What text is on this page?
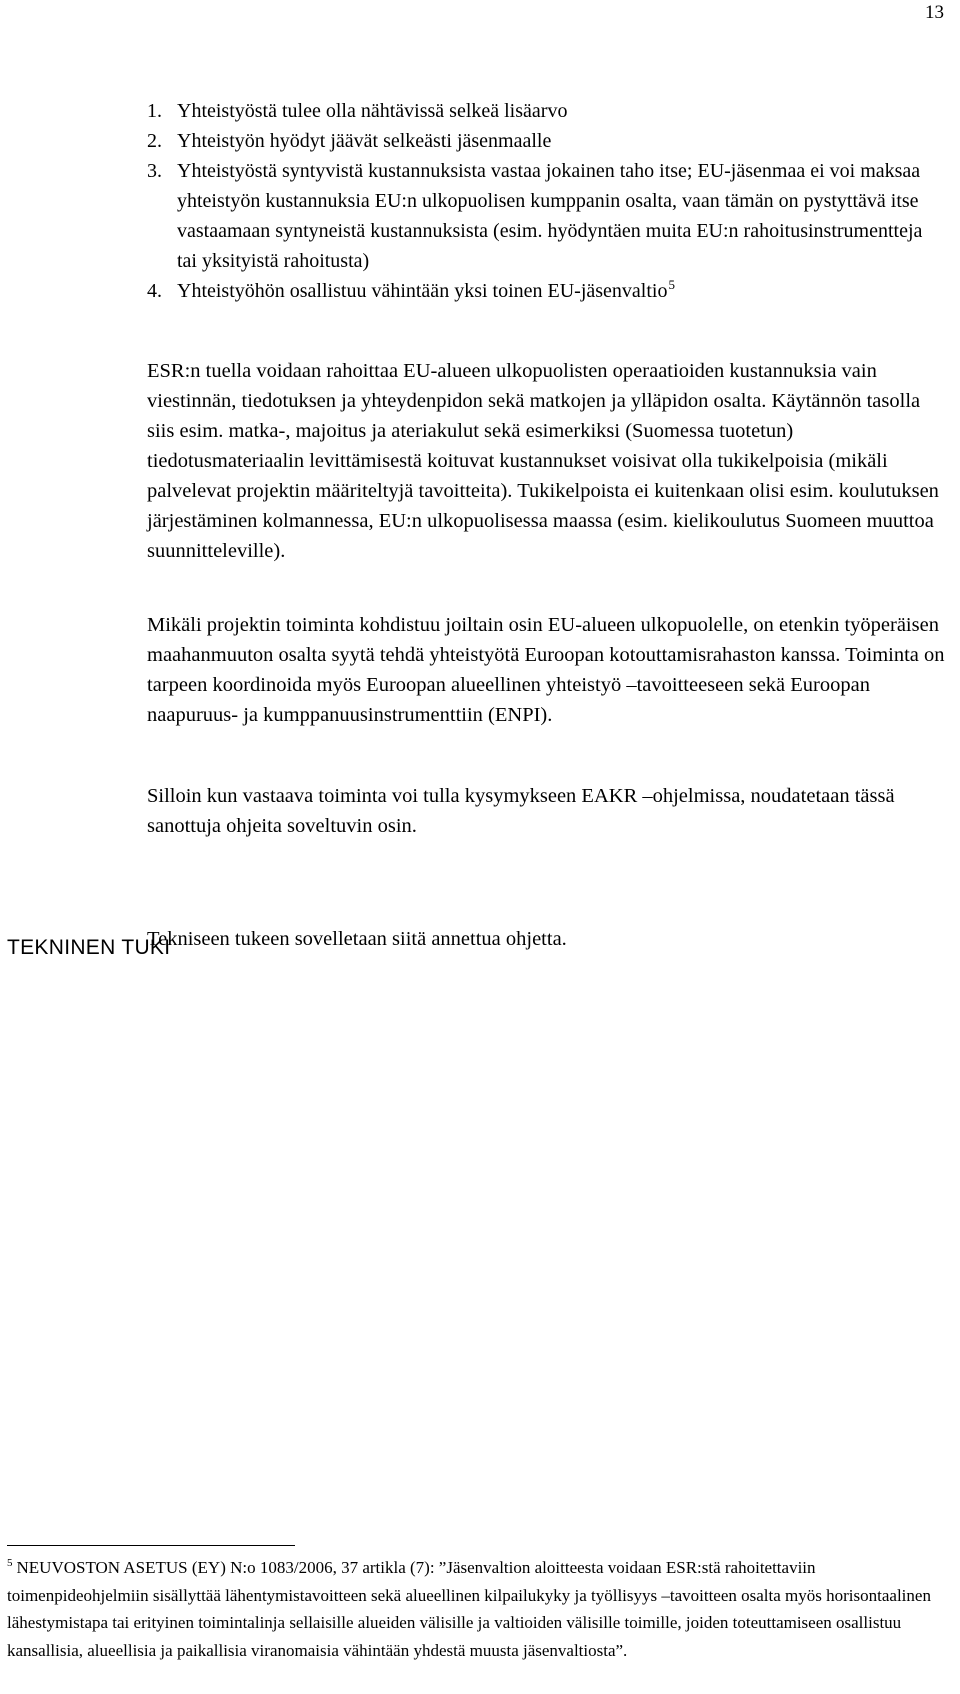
13
1. Yhteistyöstä tulee olla nähtävissä selkeä lisäarvo
2. Yhteistyön hyödyt jäävät selkeästi jäsenmaalle
3. Yhteistyöstä syntyvistä kustannuksista vastaa jokainen taho itse; EU-jäsenmaa ei voi maksaa yhteistyön kustannuksia EU:n ulkopuolisen kumppanin osalta, vaan tämän on pystyttävä itse vastaamaan syntyneistä kustannuksista (esim. hyödyntäen muita EU:n rahoitusinstrumentteja tai yksityistä rahoitusta)
4. Yhteistyöhön osallistuu vähintään yksi toinen EU-jäsenvaltio$^5$

ESR:n tuella voidaan rahoittaa EU-alueen ulkopuolisten operaatioiden kustannuksia vain viestinnän, tiedotuksen ja yhteydenpidon sekä matkojen ja ylläpidon osalta. Käytännön tasolla siis esim. matka-, majoitus ja ateriakulut sekä esimerkiksi (Suomessa tuotetun) tiedotusmateriaalin levittämisestä koituvat kustannukset voisivat olla tukikelpoisia (mikäli palvelevat projektin määriteltyjä tavoitteita). Tukikelpoista ei kuitenkaan olisi esim. koulutuksen järjestäminen kolmannessa, EU:n ulkopuolisessa maassa (esim. kielikoulutus Suomeen muuttoa suunnitteleville).

Mikäli projektin toiminta kohdistuu joiltain osin EU-alueen ulkopuolelle, on etenkin työperäisen maahanmuuton osalta syytä tehdä yhteistyötä Euroopan kotouttamisrahaston kanssa. Toiminta on tarpeen koordinoida myös Euroopan alueellinen yhteistyö –tavoitteeseen sekä Euroopan naapuruus- ja kumppanuusinstrumenttiin (ENPI).

Silloin kun vastaava toiminta voi tulla kysymykseen EAKR –ohjelmissa, noudatetaan tässä sanottuja ohjeita soveltuvin osin.

TEKNINEN TUKI

Tekniseen tukeen sovelletaan siitä annettua ohjetta.

$^5$ NEUVOSTON ASETUS (EY) N:o 1083/2006, 37 artikla (7): ”Jäsenvaltion aloitteesta voidaan ESR:stä rahoitettaviin toimenpideohjelmiin sisällyttää lähentymistavoitteen sekä alueellinen kilpailukyky ja työllisyys –tavoitteen osalta myös horisontaalinen lähestymistapa tai erityinen toimintalinja sellaisille alueiden välisille ja valtioiden välisille toimille, joiden toteuttamiseen osallistuu kansallisia, alueellisia ja paikallisia viranomaisia vähintään yhdestä muusta jäsenvaltiosta”.
